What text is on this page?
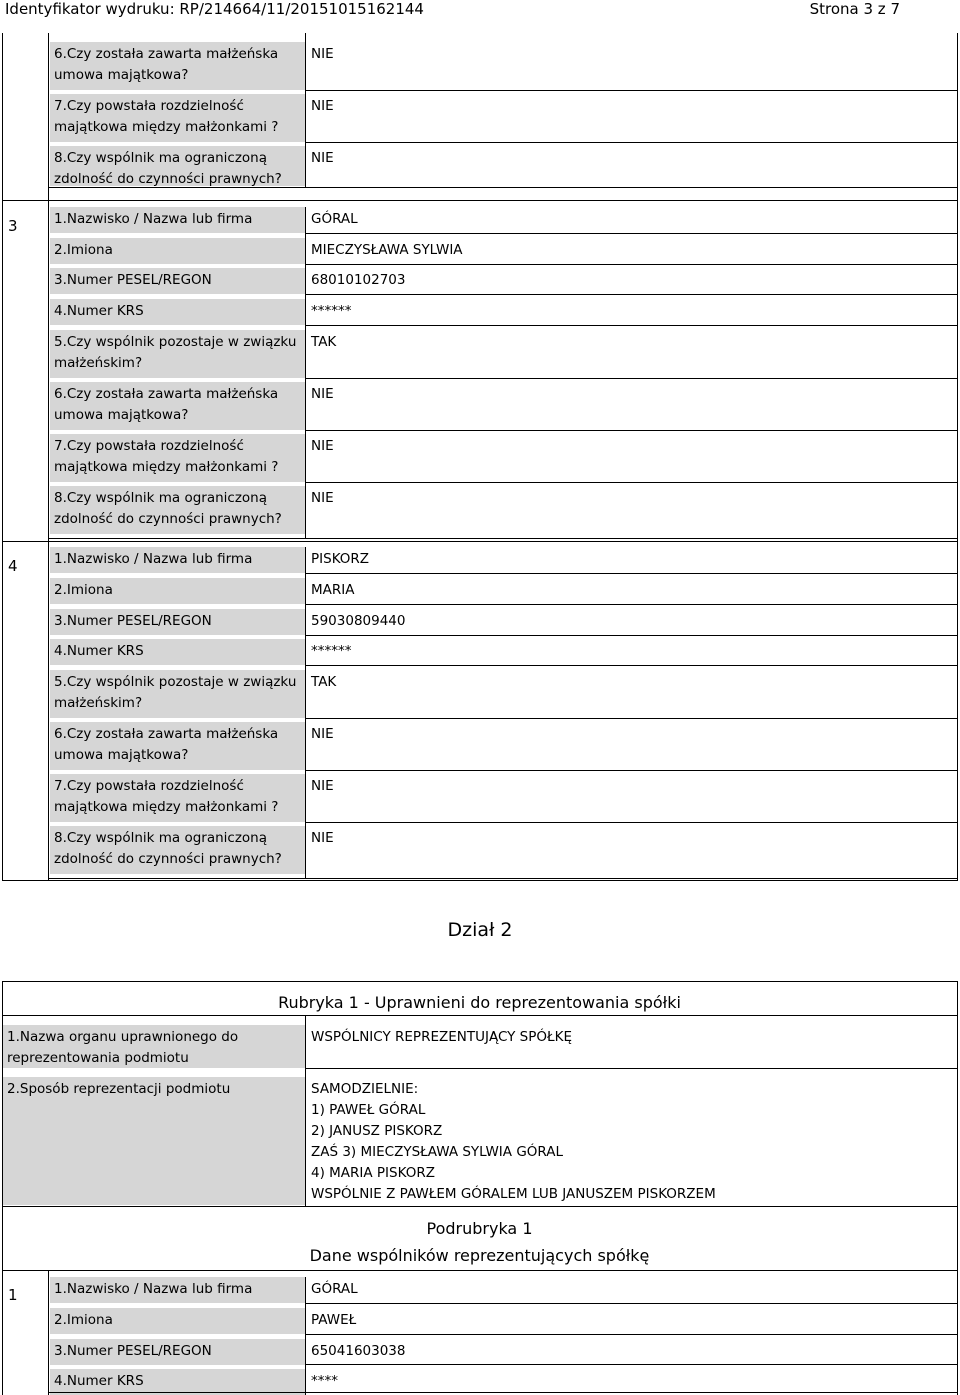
Identyfikator wydruku: RP/214664/11/20151015162144	Strona 3 z 7
6.Czy została zawarta małżeńska umowa majątkowa?
NIE
7.Czy powstała rozdzielność majątkowa między małżonkami ?
NIE
8.Czy wspólnik ma ograniczoną zdolność do czynności prawnych?
NIE
3	1.Nazwisko / Nazwa lub firma	GÓRAL
2.Imiona	MIECZYSŁAWA SYLWIA
3.Numer PESEL/REGON	68010102703
4.Numer KRS	******
5.Czy wspólnik pozostaje w związku małżeńskim?
TAK
6.Czy została zawarta małżeńska umowa majątkowa?
NIE
7.Czy powstała rozdzielność majątkowa między małżonkami ?
NIE
8.Czy wspólnik ma ograniczoną zdolność do czynności prawnych?
NIE
4	1.Nazwisko / Nazwa lub firma	PISKORZ
2.Imiona	MARIA
3.Numer PESEL/REGON	59030809440
4.Numer KRS	******
5.Czy wspólnik pozostaje w związku małżeńskim?
TAK
6.Czy została zawarta małżeńska umowa majątkowa?
NIE
7.Czy powstała rozdzielność majątkowa między małżonkami ?
NIE
8.Czy wspólnik ma ograniczoną zdolność do czynności prawnych?
NIE
Dział 2
Rubryka 1 - Uprawnieni do reprezentowania spółki
1.Nazwa organu uprawnionego do reprezentowania podmiotu
WSPÓLNICY REPREZENTUJĄCY SPÓŁKĘ
2.Sposób reprezentacji podmiotu	SAMODZIELNIE:
1) PAWEŁ GÓRAL
2) JANUSZ PISKORZ
ZAŚ 3) MIECZYSŁAWA SYLWIA GÓRAL
4) MARIA PISKORZ
WSPÓLNIE Z PAWŁEM GÓRALEM LUB JANUSZEM PISKORZEM
Podrubryka 1
Dane wspólników reprezentujących spółkę
1	1.Nazwisko / Nazwa lub firma	GÓRAL
2.Imiona	PAWEŁ
3.Numer PESEL/REGON	65041603038
4.Numer KRS	****
